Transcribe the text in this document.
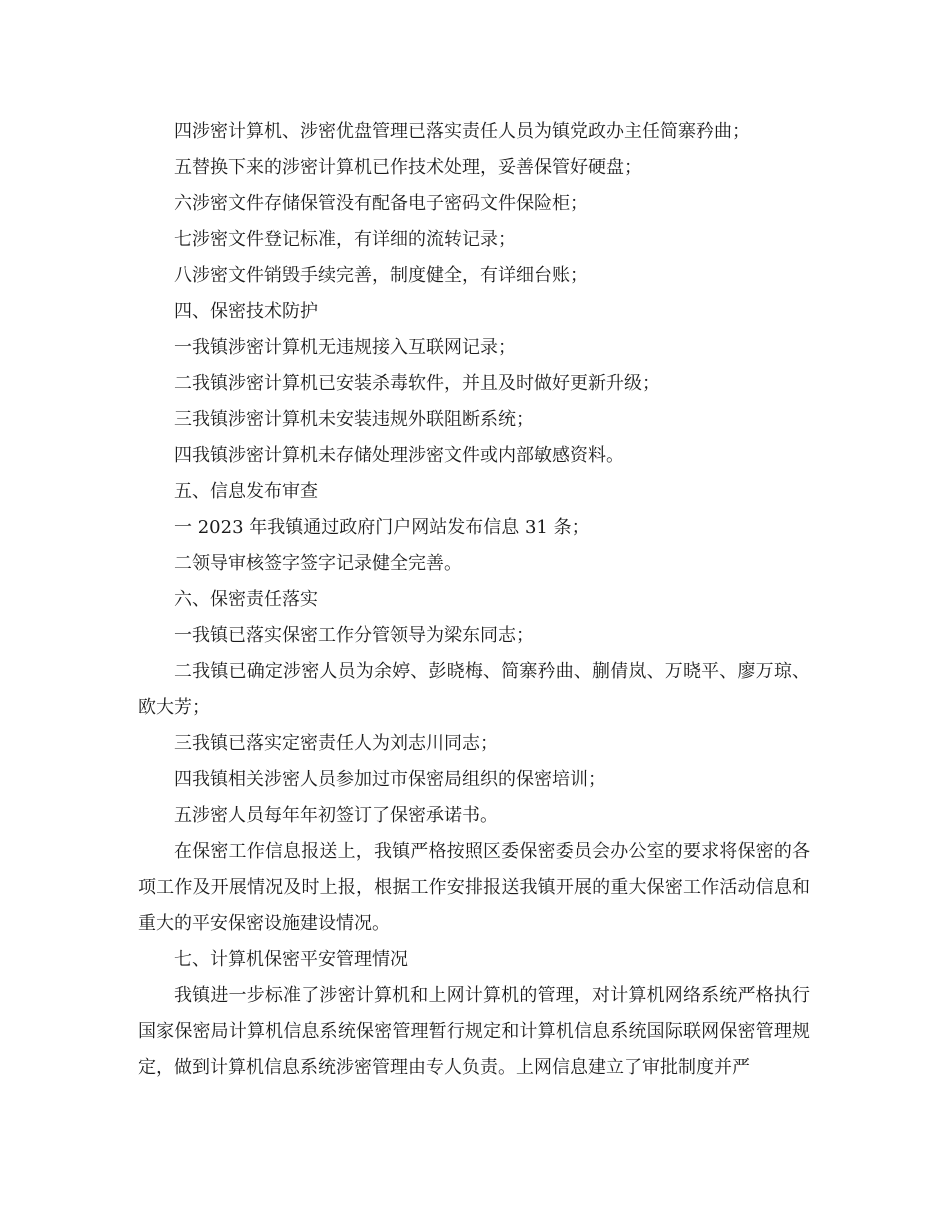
四涉密计算机、涉密优盘管理已落实责任人员为镇党政办主任简寨矜曲；

五替换下来的涉密计算机已作技术处理，妥善保管好硬盘；

六涉密文件存储保管没有配备电子密码文件保险柜；

七涉密文件登记标准，有详细的流转记录；

八涉密文件销毁手续完善，制度健全，有详细台账；

四、保密技术防护

一我镇涉密计算机无违规接入互联网记录；

二我镇涉密计算机已安装杀毒软件，并且及时做好更新升级；

三我镇涉密计算机未安装违规外联阻断系统；

四我镇涉密计算机未存储处理涉密文件或内部敏感资料。

五、信息发布审查

一 2023 年我镇通过政府门户网站发布信息 31 条；

二领导审核签字签字记录健全完善。

六、保密责任落实

一我镇已落实保密工作分管领导为梁东同志；

二我镇已确定涉密人员为余婷、彭晓梅、简寨矜曲、蒯倩岚、万晓平、廖万琼、欧大芳；

三我镇已落实定密责任人为刘志川同志；

四我镇相关涉密人员参加过市保密局组织的保密培训；

五涉密人员每年年初签订了保密承诺书。

在保密工作信息报送上，我镇严格按照区委保密委员会办公室的要求将保密的各项工作及开展情况及时上报，根据工作安排报送我镇开展的重大保密工作活动信息和重大的平安保密设施建设情况。

七、计算机保密平安管理情况

我镇进一步标准了涉密计算机和上网计算机的管理，对计算机网络系统严格执行国家保密局计算机信息系统保密管理暂行规定和计算机信息系统国际联网保密管理规定，做到计算机信息系统涉密管理由专人负责。上网信息建立了审批制度并严
